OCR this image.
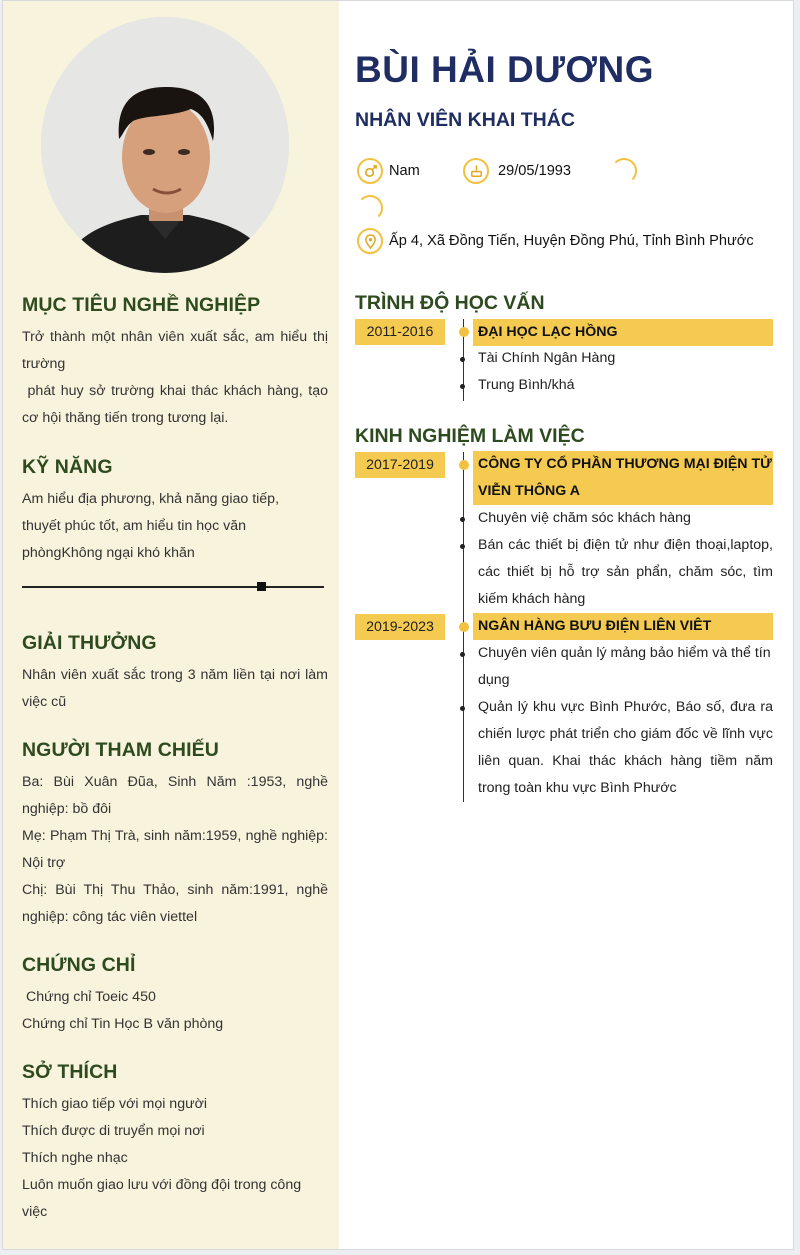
MỤC TIÊU NGHỀ NGHIỆP

Trở thành một nhân viên xuất sắc, am hiểu thị trường

phát huy sở trường khai thác khách hàng, tạo cơ hội thăng tiến trong tương lại.

KỸ NĂNG

Am hiểu địa phương, khả năng giao tiếp, thuyết phúc tốt, am hiểu tin học văn phòngKhông ngại khó khăn

GIẢI THƯỞNG

Nhân viên xuất sắc trong 3 năm liền tại nơi làm việc cũ

NGƯỜI THAM CHIẾU

Ba: Bùi Xuân Đũa, Sinh Năm :1953, nghề nghiệp: bồ đôi

Mẹ: Phạm Thị Trà, sinh năm:1959, nghề nghiệp: Nội trợ

Chị: Bùi Thị Thu Thảo, sinh năm:1991, nghề nghiệp: công tác viên viettel

CHỨNG CHỈ

Chứng chỉ Toeic 450

Chứng chỉ Tin Học B văn phòng

SỞ THÍCH

Thích giao tiếp với mọi người

Thích được di truyển mọi nơi

Thích nghe nhạc

Luôn muốn giao lưu với đồng đội trong công việc

BÙI HẢI DƯƠNG
NHÂN VIÊN KHAI THÁC
Nam	29/05/1993
Ấp 4, Xã Đồng Tiến, Huyện Đồng Phú, Tỉnh Bình Phước
TRÌNH ĐỘ HỌC VẤN
2011-2016	ĐẠI HỌC LẠC HỒNG
Tài Chính Ngân Hàng
Trung Bình/khá
KINH NGHIỆM LÀM VIỆC
2017-2019	CÔNG TY CỔ PHẦN THƯƠNG MẠI ĐIỆN TỬ VIỄN THÔNG A
Chuyên việ chăm sóc khách hàng
Bán các thiết bị điện tử như điện thoại,laptop, các thiết bị hỗ trợ sản phẩn, chăm sóc, tìm kiếm khách hàng
2019-2023	NGÂN HÀNG BƯU ĐIỆN LIÊN VIÊT
Chuyên viên quản lý mảng bảo hiểm và thể tín dụng
Quản lý khu vực Bình Phước, Báo số, đưa ra chiến lược phát triển cho giám đốc về lĩnh vực liên quan. Khai thác khách hàng tiềm năm trong toàn khu vực Bình Phước
